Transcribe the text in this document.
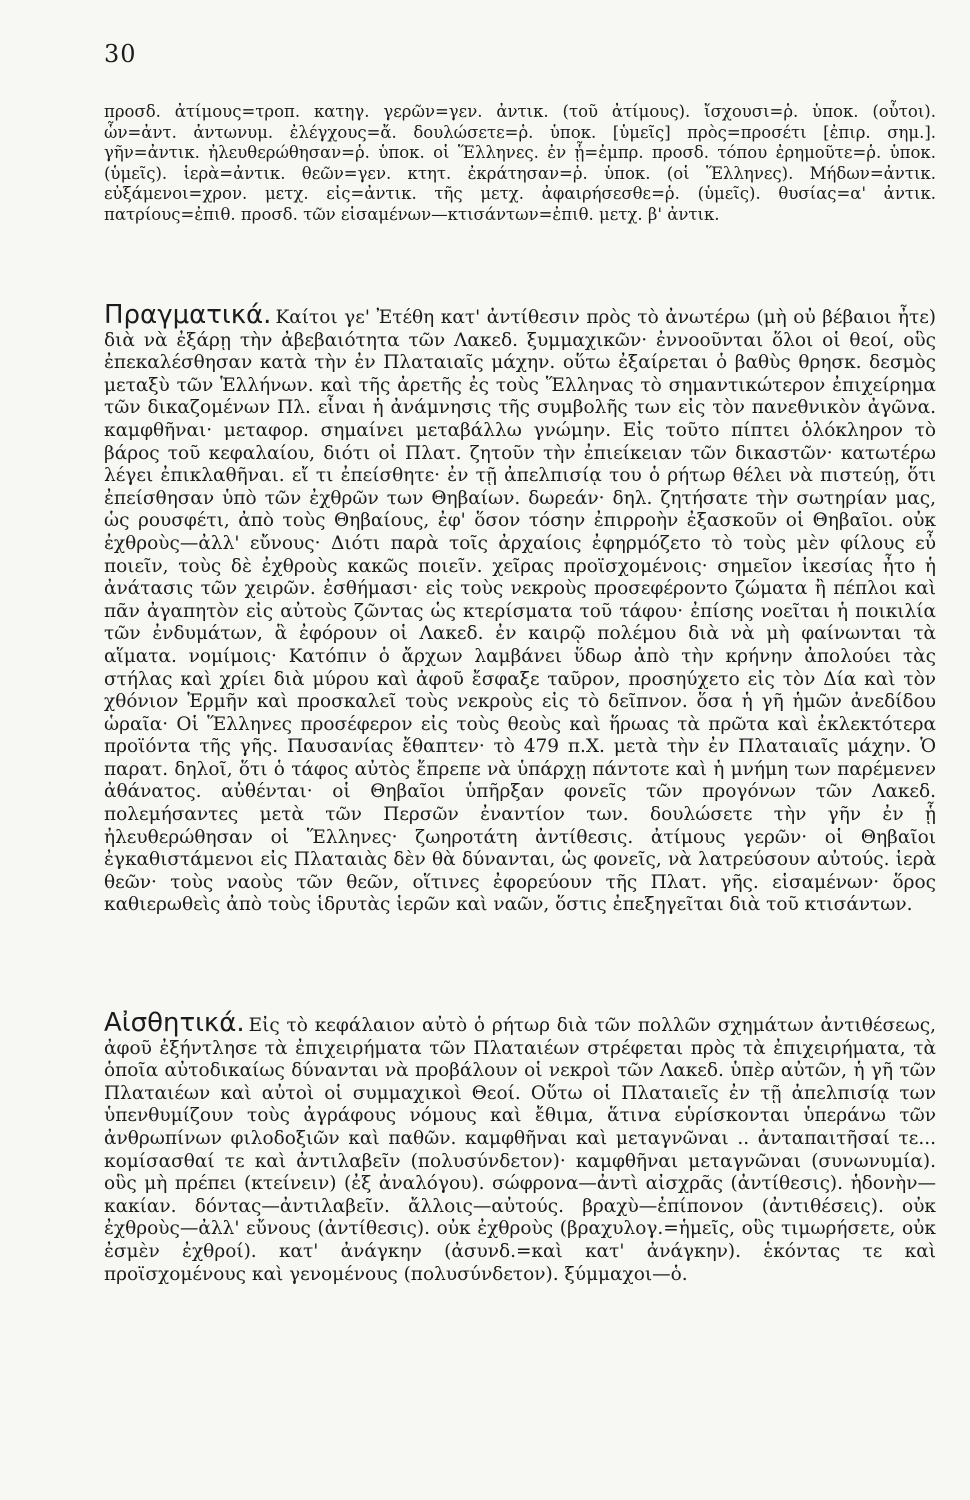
30

προσδ. ἀτίμους=τροπ. κατηγ. γερῶν=γεν. ἀντικ. (τοῦ ἀτίμους). ἴσχουσι=ῥ. ὑποκ. (οὗτοι). ὧν=ἀντ. ἀντωνυμ. ἐλέγχους=ἄ. δουλώσετε=ῥ. ὑποκ. [ὑμεῖς] πρὸς=προσέτι [ἐπιρ. σημ.]. γῆν=ἀντικ. ἠλευθερώθησαν=ῥ. ὑποκ. οἱ Ἕλληνες. ἐν ᾗ=ἐμπρ. προσδ. τόπου ἐρημοῦτε=ῥ. ὑποκ. (ὑμεῖς). ἱερὰ=ἀντικ. θεῶν=γεν. κτητ. ἐκράτησαν=ῥ. ὑποκ. (οἱ Ἕλληνες). Μήδων=ἀντικ. εὐξάμενοι=χρον. μετχ. εἰς=ἀντικ. τῆς μετχ. ἀφαιρήσεσθε=ῥ. (ὑμεῖς). θυσίας=α' ἀντικ. πατρίους=ἐπιθ. προσδ. τῶν εἱσαμένων—κτισάντων=ἐπιθ. μετχ. β' ἀντικ.

Πραγματικά. Καίτοι γε' Ἐτέθη κατ' ἀντίθεσιν πρὸς τὸ ἀνωτέρω (μὴ οὐ βέβαιοι ἦτε) διὰ νὰ ἐξάρῃ τὴν ἀβεβαιότητα τῶν Λακεδ. ξυμμαχικῶν· ἐννοοῦνται ὅλοι οἱ θεοί, οὓς ἐπεκαλέσθησαν κατὰ τὴν ἐν Πλαταιαῖς μάχην. οὕτω ἐξαίρεται ὁ βαθὺς θρησκ. δεσμὸς μεταξὺ τῶν Ἑλλήνων. καὶ τῆς ἀρετῆς ἐς τοὺς Ἕλληνας τὸ σημαντικώτερον ἐπιχείρημα τῶν δικαζομένων Πλ. εἶναι ἡ ἀνάμνησις τῆς συμβολῆς των εἰς τὸν πανεθνικὸν ἀγῶνα. καμφθῆναι· μεταφορ. σημαίνει μεταβάλλω γνώμην. Εἰς τοῦτο πίπτει ὁλόκληρον τὸ βάρος τοῦ κεφαλαίου, διότι οἱ Πλατ. ζητοῦν τὴν ἐπιείκειαν τῶν δικαστῶν· κατωτέρω λέγει ἐπικλαθῆναι. εἴ τι ἐπείσθητε· ἐν τῇ ἀπελπισίᾳ του ὁ ρήτωρ θέλει νὰ πιστεύῃ, ὅτι ἐπείσθησαν ὑπὸ τῶν ἐχθρῶν των Θηβαίων. δωρεάν· δηλ. ζητήσατε τὴν σωτηρίαν μας, ὡς ρουσφέτι, ἀπὸ τοὺς Θηβαίους, ἐφ' ὅσον τόσην ἐπιρροὴν ἐξασκοῦν οἱ Θηβαῖοι. οὐκ ἐχθροὺς—ἀλλ' εὔνους· Διότι παρὰ τοῖς ἀρχαίοις ἐφηρμόζετο τὸ τοὺς μὲν φίλους εὖ ποιεῖν, τοὺς δὲ ἐχθροὺς κακῶς ποιεῖν. χεῖρας προϊσχομένοις· σημεῖον ἱκεσίας ἦτο ἡ ἀνάτασις τῶν χειρῶν. ἐσθήμασι· εἰς τοὺς νεκροὺς προσεφέροντο ζώματα ἢ πέπλοι καὶ πᾶν ἀγαπητὸν εἰς αὐτοὺς ζῶντας ὡς κτερίσματα τοῦ τάφου· ἐπίσης νοεῖται ἡ ποικιλία τῶν ἐνδυμάτων, ἃ ἐφόρουν οἱ Λακεδ. ἐν καιρῷ πολέμου διὰ νὰ μὴ φαίνωνται τὰ αἵματα. νομίμοις· Κατόπιν ὁ ἄρχων λαμβάνει ὕδωρ ἀπὸ τὴν κρήνην ἀπολούει τὰς στήλας καὶ χρίει διὰ μύρου καὶ ἀφοῦ ἔσφαξε ταῦρον, προσηύχετο εἰς τὸν Δία καὶ τὸν χθόνιον Ἑρμῆν καὶ προσκαλεῖ τοὺς νεκροὺς εἰς τὸ δεῖπνον. ὅσα ἡ γῆ ἡμῶν ἀνεδίδου ὡραῖα· Οἱ Ἕλληνες προσέφερον εἰς τοὺς θεοὺς καὶ ἥρωας τὰ πρῶτα καὶ ἐκλεκτότερα προϊόντα τῆς γῆς. Παυσανίας ἔθαπτεν· τὸ 479 π.Χ. μετὰ τὴν ἐν Πλαταιαῖς μάχην. Ὁ παρατ. δηλοῖ, ὅτι ὁ τάφος αὐτὸς ἔπρεπε νὰ ὑπάρχῃ πάντοτε καὶ ἡ μνήμη των παρέμενεν ἀθάνατος. αὐθένται· οἱ Θηβαῖοι ὑπῆρξαν φονεῖς τῶν προγόνων τῶν Λακεδ. πολεμήσαντες μετὰ τῶν Περσῶν ἐναντίον των. δουλώσετε τὴν γῆν ἐν ᾗ ἠλευθερώθησαν οἱ Ἕλληνες· ζωηροτάτη ἀντίθεσις. ἀτίμους γερῶν· οἱ Θηβαῖοι ἐγκαθιστάμενοι εἰς Πλαταιὰς δὲν θὰ δύνανται, ὡς φονεῖς, νὰ λατρεύσουν αὐτούς. ἱερὰ θεῶν· τοὺς ναοὺς τῶν θεῶν, οἵτινες ἐφορεύουν τῆς Πλατ. γῆς. εἱσαμένων· ὅρος καθιερωθεὶς ἀπὸ τοὺς ἱδρυτὰς ἱερῶν καὶ ναῶν, ὅστις ἐπεξηγεῖται διὰ τοῦ κτισάντων.

Αἰσθητικά. Εἰς τὸ κεφάλαιον αὐτὸ ὁ ρήτωρ διὰ τῶν πολλῶν σχημάτων ἀντιθέσεως, ἀφοῦ ἐξήντλησε τὰ ἐπιχειρήματα τῶν Πλαταιέων στρέφεται πρὸς τὰ ἐπιχειρήματα, τὰ ὁποῖα αὐτοδικαίως δύνανται νὰ προβάλουν οἱ νεκροὶ τῶν Λακεδ. ὑπὲρ αὐτῶν, ἡ γῆ τῶν Πλαταιέων καὶ αὐτοὶ οἱ συμμαχικοὶ Θεοί. Οὕτω οἱ Πλαταιεῖς ἐν τῇ ἀπελπισίᾳ των ὑπενθυμίζουν τοὺς ἀγράφους νόμους καὶ ἔθιμα, ἅτινα εὑρίσκονται ὑπεράνω τῶν ἀνθρωπίνων φιλοδοξιῶν καὶ παθῶν. καμφθῆναι καὶ μεταγνῶναι .. ἀνταπαιτῆσαί τε... κομίσασθαί τε καὶ ἀντιλαβεῖν (πολυσύνδετον)· καμφθῆναι μεταγνῶναι (συνωνυμία). οὓς μὴ πρέπει (κτείνειν) (ἐξ ἀναλόγου). σώφρονα—ἀντὶ αἰσχρᾶς (ἀντίθεσις). ἡδονὴν—κακίαν. δόντας—ἀντιλαβεῖν. ἄλλοις—αὐτούς. βραχὺ—ἐπίπονον (ἀντιθέσεις). οὐκ ἐχθροὺς—ἀλλ' εὔνους (ἀντίθεσις). οὐκ ἐχθροὺς (βραχυλογ.=ἡμεῖς, οὓς τιμωρήσετε, οὐκ ἐσμὲν ἐχθροί). κατ' ἀνάγκην (ἀσυνδ.=καὶ κατ' ἀνάγκην). ἑκόντας τε καὶ προϊσχομένους καὶ γενομένους (πολυσύνδετον). ξύμμαχοι—ὁ.
